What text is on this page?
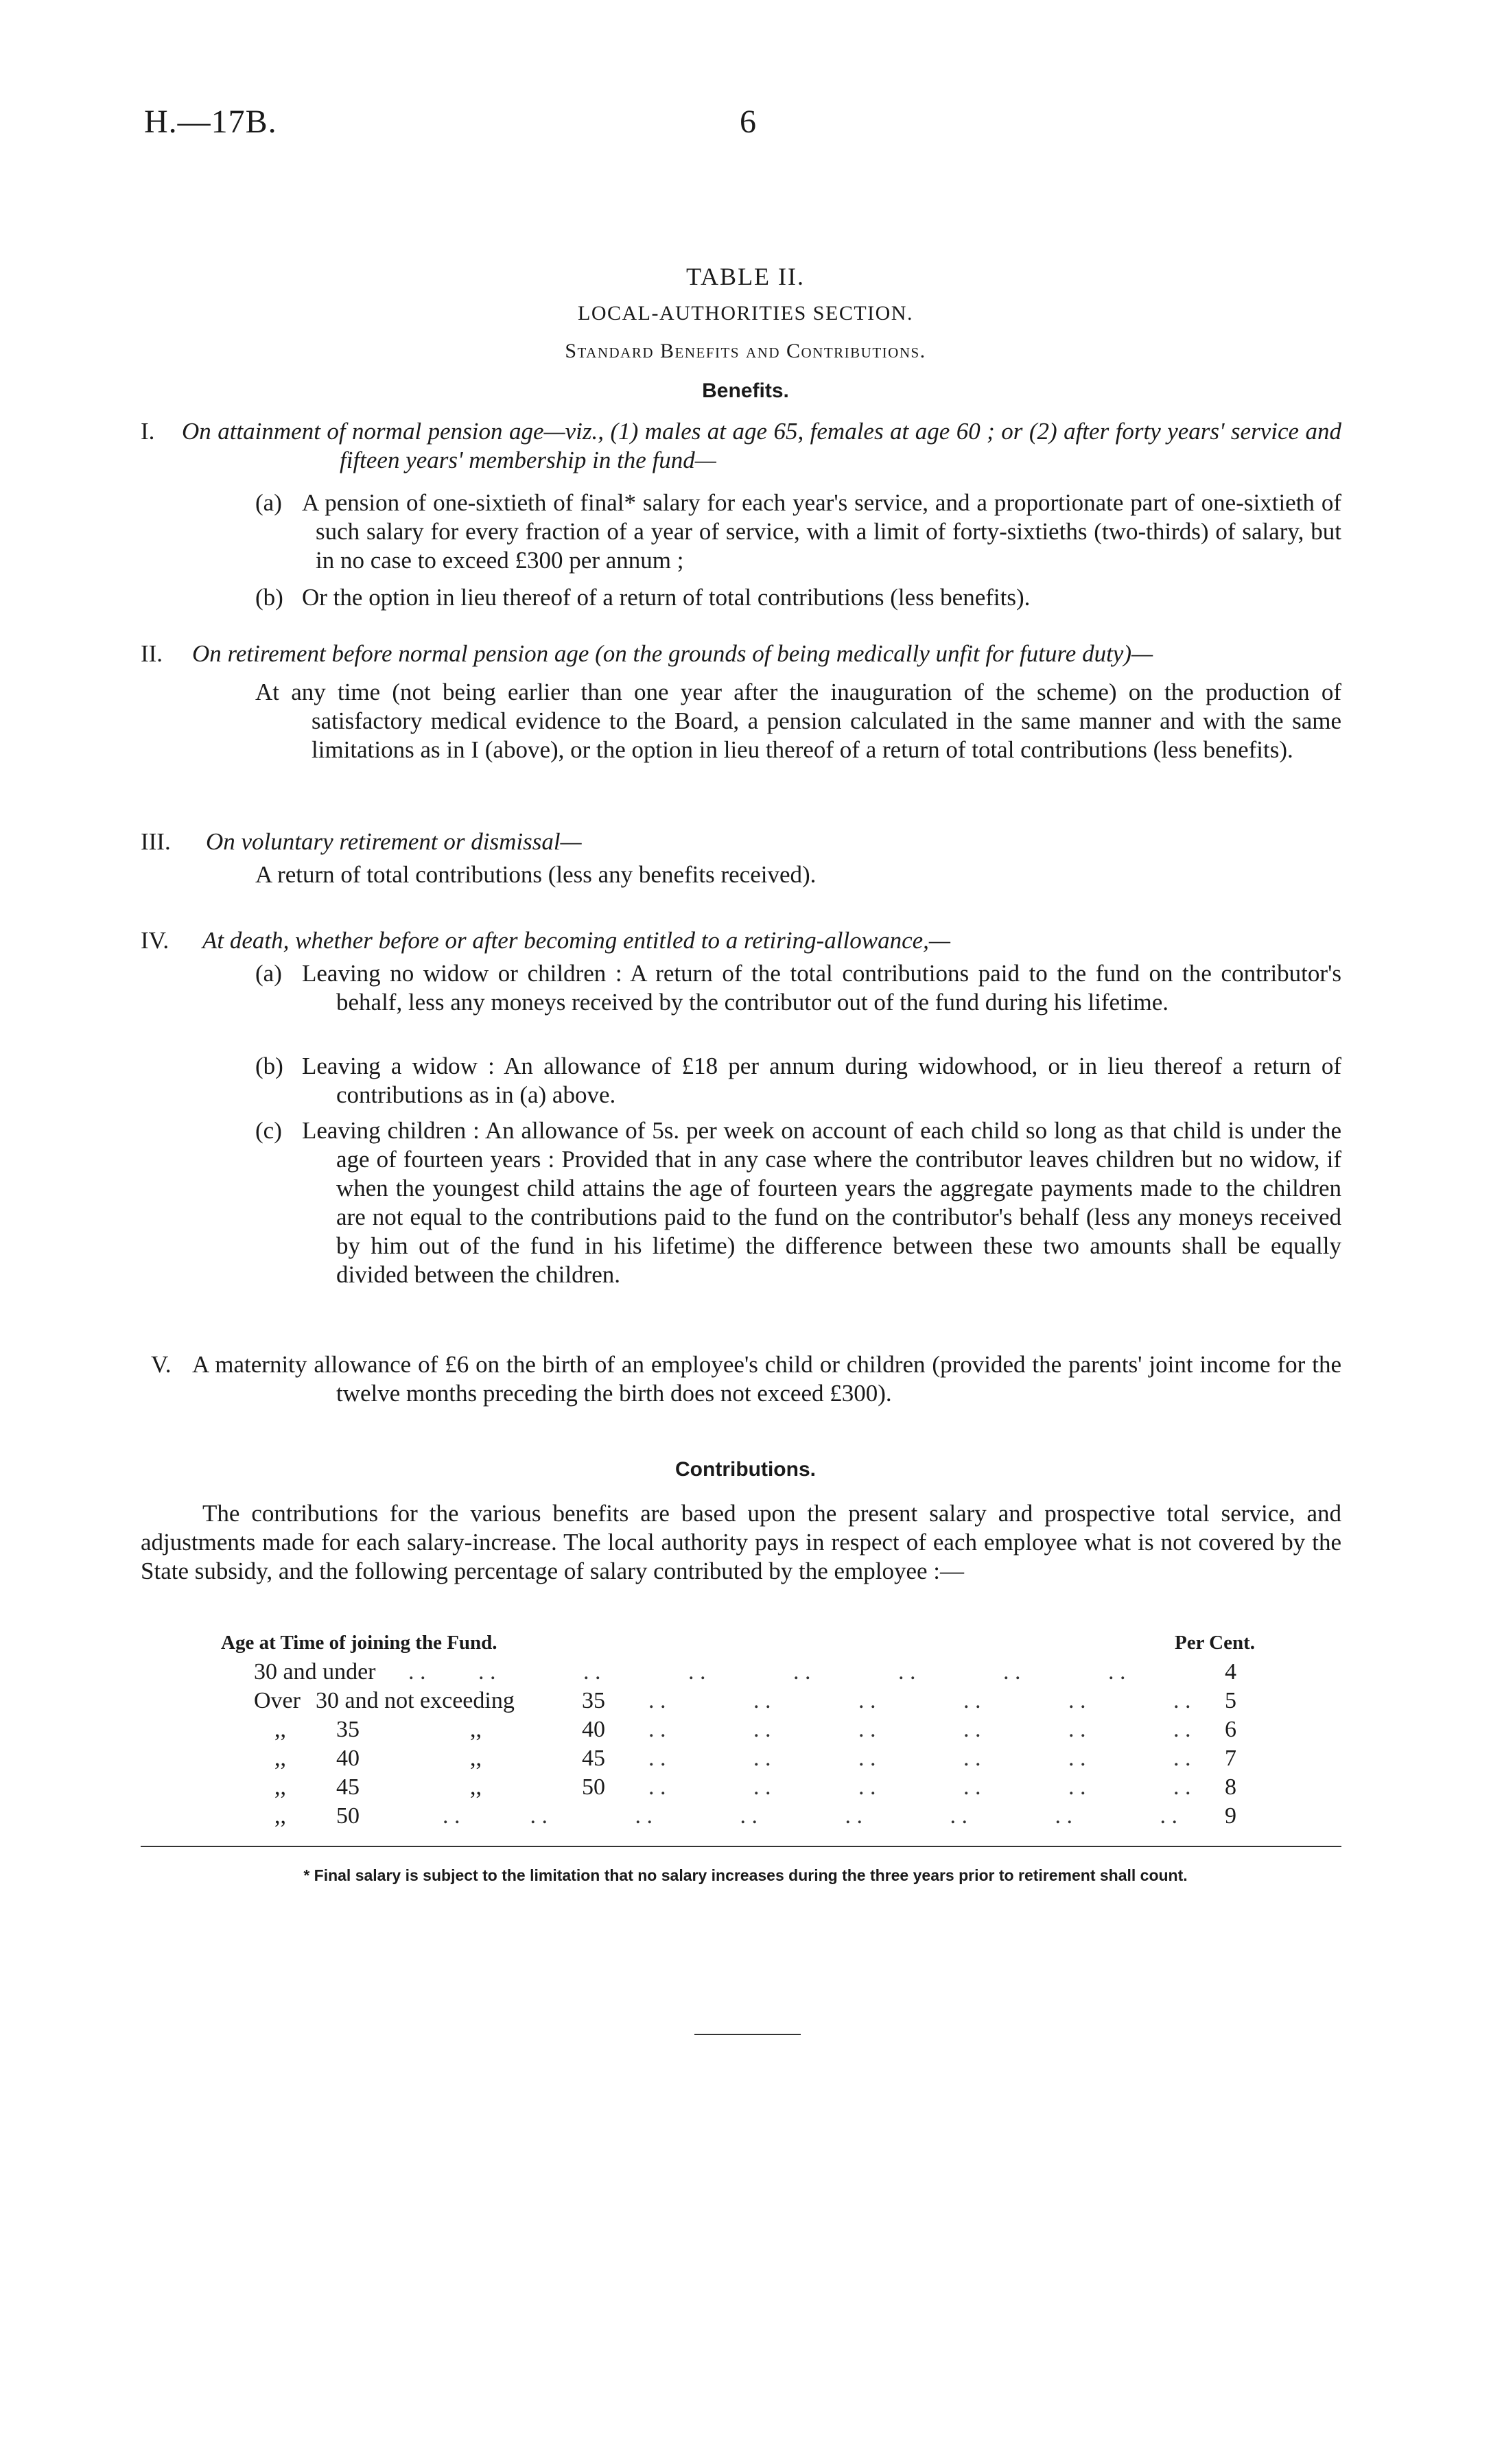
H.—17B.	6
TABLE II.
LOCAL-AUTHORITIES SECTION.
Standard Benefits and Contributions.
Benefits.
I. On attainment of normal pension age—viz., (1) males at age 65, females at age 60 ; or (2) after forty years' service and fifteen years' membership in the fund—

(a) A pension of one-sixtieth of final* salary for each year's service, and a proportionate part of one-sixtieth of such salary for every fraction of a year of service, with a limit of forty-sixtieths (two-thirds) of salary, but in no case to exceed £300 per annum ;

(b) Or the option in lieu thereof of a return of total contributions (less benefits).
II. On retirement before normal pension age (on the grounds of being medically unfit for future duty)—

At any time (not being earlier than one year after the inauguration of the scheme) on the production of satisfactory medical evidence to the Board, a pension calculated in the same manner and with the same limitations as in I (above), or the option in lieu thereof of a return of total contributions (less benefits).

III. On voluntary retirement or dismissal—
A return of total contributions (less any benefits received).
IV. At death, whether before or after becoming entitled to a retiring-allowance,—
(a) Leaving no widow or children : A return of the total contributions paid to the fund on the contributor's behalf, less any moneys received by the contributor out of the fund during his lifetime.

(b) Leaving a widow : An allowance of £18 per annum during widowhood, or in lieu thereof a return of contributions as in (a) above.

(c) Leaving children : An allowance of 5s. per week on account of each child so long as that child is under the age of fourteen years : Provided that in any case where the contributor leaves children but no widow, if when the youngest child attains the age of fourteen years the aggregate payments made to the children are not equal to the contributions paid to the fund on the contributor's behalf (less any moneys received by him out of the fund in his lifetime) the difference between these two amounts shall be equally divided between the children.

V. A maternity allowance of £6 on the birth of an employee's child or children (provided the parents' joint income for the twelve months preceding the birth does not exceed £300).

Contributions.
The contributions for the various benefits are based upon the present salary and prospective total service, and adjustments made for each salary-increase. The local authority pays in respect of each employee what is not covered by the State subsidy, and the following percentage of salary contributed by the employee :—
Age at Time of joining the Fund.	Per Cent.
30 and under . .         . .               . .               . .               . .               . .               . .               . .	4
Over 30 and not exceeding	35 . .               . .               . .               . .               . .               . . 5
,, 35	,,	40 . .               . .               . .               . .               . .               . . 6
,, 40	,,	45 . .               . .               . .               . .               . .               . . 7
,, 45	,,	50 . .               . .               . .               . .               . .               . . 8
,, 50	. .            . .               . .               . .               . .               . .               . .               . . 9
* Final salary is subject to the limitation that no salary increases during the three years prior to retirement shall count.
